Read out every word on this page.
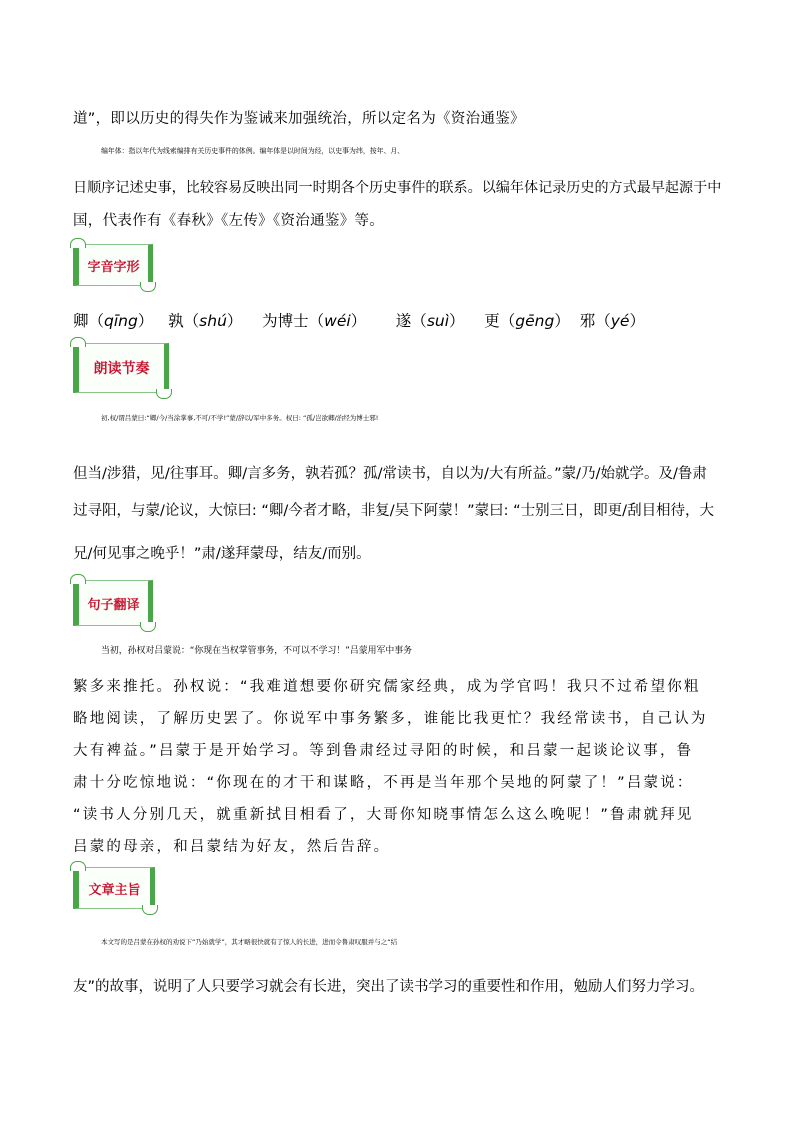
道”，即以历史的得失作为鉴诫来加强统治，所以定名为《资治通鉴》

编年体：指以年代为线索编排有关历史事件的体例。编年体是以时间为经，以史事为纬，按年、月、

日顺序记述史事，比较容易反映出同一时期各个历史事件的联系。以编年体记录历史的方式最早起源于中

国，代表作有《春秋》《左传》《资治通鉴》等。

字音字形
卿（qīng） 孰（shú） 为博士（wéi） 遂（suì） 更（gēng） 邪（yé）
朗读节奏

初,权/谓吕蒙曰:“卿/今/当涂掌事,不可/不学!”蒙/辞以/军中多务。权曰: “孤/岂欲卿/治经为博士邪!

但当/涉猎，见/往事耳。卿/言多务，孰若孤？孤/常读书，自以为/大有所益。”蒙/乃/始就学。及/鲁肃

过寻阳，与蒙/论议，大惊曰: “卿/今者才略，非复/吴下阿蒙！”蒙曰: “士别三日，即更/刮目相待，大

兄/何见事之晚乎！”肃/遂拜蒙母，结友/而别。

句子翻译

当初，孙权对吕蒙说：“你现在当权掌管事务，不可以不学习！”吕蒙用军中事务

繁多来推托。孙权说：“我难道想要你研究儒家经典，成为学官吗！我只不过希望你粗

略地阅读，了解历史罢了。你说军中事务繁多，谁能比我更忙？我经常读书，自己认为

大有裨益。”吕蒙于是开始学习。等到鲁肃经过寻阳的时候，和吕蒙一起谈论议事，鲁

肃十分吃惊地说：“你现在的才干和谋略，不再是当年那个吴地的阿蒙了！”吕蒙说：

“读书人分别几天，就重新拭目相看了，大哥你知晓事情怎么这么晚呢！”鲁肃就拜见

吕蒙的母亲，和吕蒙结为好友，然后告辞。

文章主旨

本文写的是吕蒙在孙权的劝说下“乃始就学”，其才略很快就有了惊人的长进，进而令鲁肃叹服并与之“结

友”的故事，说明了人只要学习就会有长进，突出了读书学习的重要性和作用，勉励人们努力学习。
